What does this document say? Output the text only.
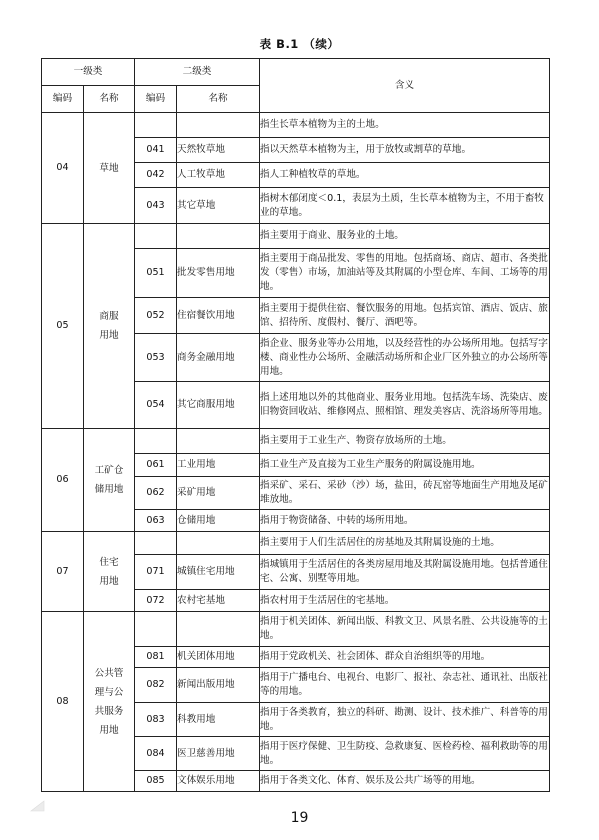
表 B.1 （续）
一级类		二级类		含义
编码	名称	编码	名称	
04	草地			指生长草本植物为主的土地。
		041	天然牧草地	指以天然草本植物为主，用于放牧或割草的草地。
		042	人工牧草地	指人工种植牧草的草地。
		043	其它草地	指树木郁闭度＜0.1，表层为土质，生长草本植物为主，不用于畜牧业的草地。
05	商服用地			指主要用于商业、服务业的土地。
		051	批发零售用地	指主要用于商品批发、零售的用地。包括商场、商店、超市、各类批发（零售）市场，加油站等及其附属的小型仓库、车间、工场等的用地。
		052	住宿餐饮用地	指主要用于提供住宿、餐饮服务的用地。包括宾馆、酒店、饭店、旅馆、招待所、度假村、餐厅、酒吧等。
		053	商务金融用地	指企业、服务业等办公用地，以及经营性的办公场所用地。包括写字楼、商业性办公场所、金融活动场所和企业厂区外独立的办公场所等用地。
		054	其它商服用地	指上述用地以外的其他商业、服务业用地。包括洗车场、洗染店、废旧物资回收站、维修网点、照相馆、理发美容店、洗浴场所等用地。
06	工矿仓储用地			指主要用于工业生产、物资存放场所的土地。
		061	工业用地	指工业生产及直接为工业生产服务的附属设施用地。
		062	采矿用地	指采矿、采石、采砂（沙）场，盐田，砖瓦窑等地面生产用地及尾矿堆放地。
		063	仓储用地	指用于物资储备、中转的场所用地。
07	住宅用地			指主要用于人们生活居住的房基地及其附属设施的土地。
		071	城镇住宅用地	指城镇用于生活居住的各类房屋用地及其附属设施用地。包括普通住宅、公寓、别墅等用地。
		072	农村宅基地	指农村用于生活居住的宅基地。
08	公共管理与公共服务用地			指用于机关团体、新闻出版、科教文卫、风景名胜、公共设施等的土地。
		081	机关团体用地	指用于党政机关、社会团体、群众自治组织等的用地。
		082	新闻出版用地	指用于广播电台、电视台、电影厂、报社、杂志社、通讯社、出版社等的用地。
		083	科教用地	指用于各类教育，独立的科研、勘测、设计、技术推广、科普等的用地。
		084	医卫慈善用地	指用于医疗保健、卫生防疫、急救康复、医检药检、福利救助等的用地。
		085	文体娱乐用地	指用于各类文化、体育、娱乐及公共广场等的用地。
19
